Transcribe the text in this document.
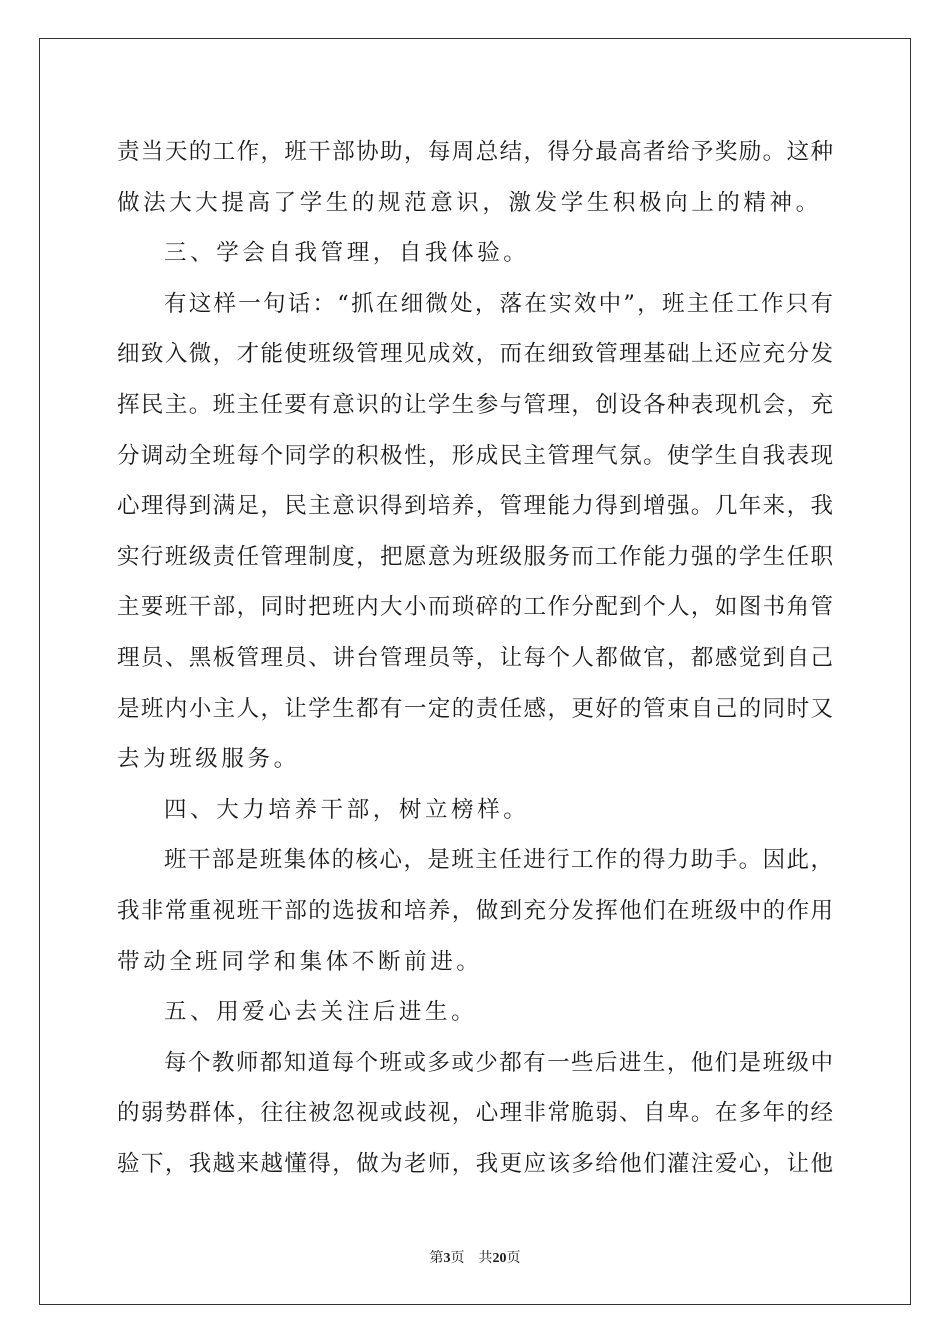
责当天的工作，班干部协助，每周总结，得分最高者给予奖励。这种
做法大大提高了学生的规范意识，激发学生积极向上的精神。
三、学会自我管理，自我体验。
有这样一句话：“抓在细微处，落在实效中”，班主任工作只有
细致入微，才能使班级管理见成效，而在细致管理基础上还应充分发
挥民主。班主任要有意识的让学生参与管理，创设各种表现机会，充
分调动全班每个同学的积极性，形成民主管理气氛。使学生自我表现
心理得到满足，民主意识得到培养，管理能力得到增强。几年来，我
实行班级责任管理制度，把愿意为班级服务而工作能力强的学生任职
主要班干部，同时把班内大小而琐碎的工作分配到个人，如图书角管
理员、黑板管理员、讲台管理员等，让每个人都做官，都感觉到自己
是班内小主人，让学生都有一定的责任感，更好的管束自己的同时又
去为班级服务。
四、大力培养干部，树立榜样。
班干部是班集体的核心，是班主任进行工作的得力助手。因此，
我非常重视班干部的选拔和培养，做到充分发挥他们在班级中的作用
带动全班同学和集体不断前进。
五、用爱心去关注后进生。
每个教师都知道每个班或多或少都有一些后进生，他们是班级中
的弱势群体，往往被忽视或歧视，心理非常脆弱、自卑。在多年的经
验下，我越来越懂得，做为老师，我更应该多给他们灌注爱心，让他
第3页 共20页
